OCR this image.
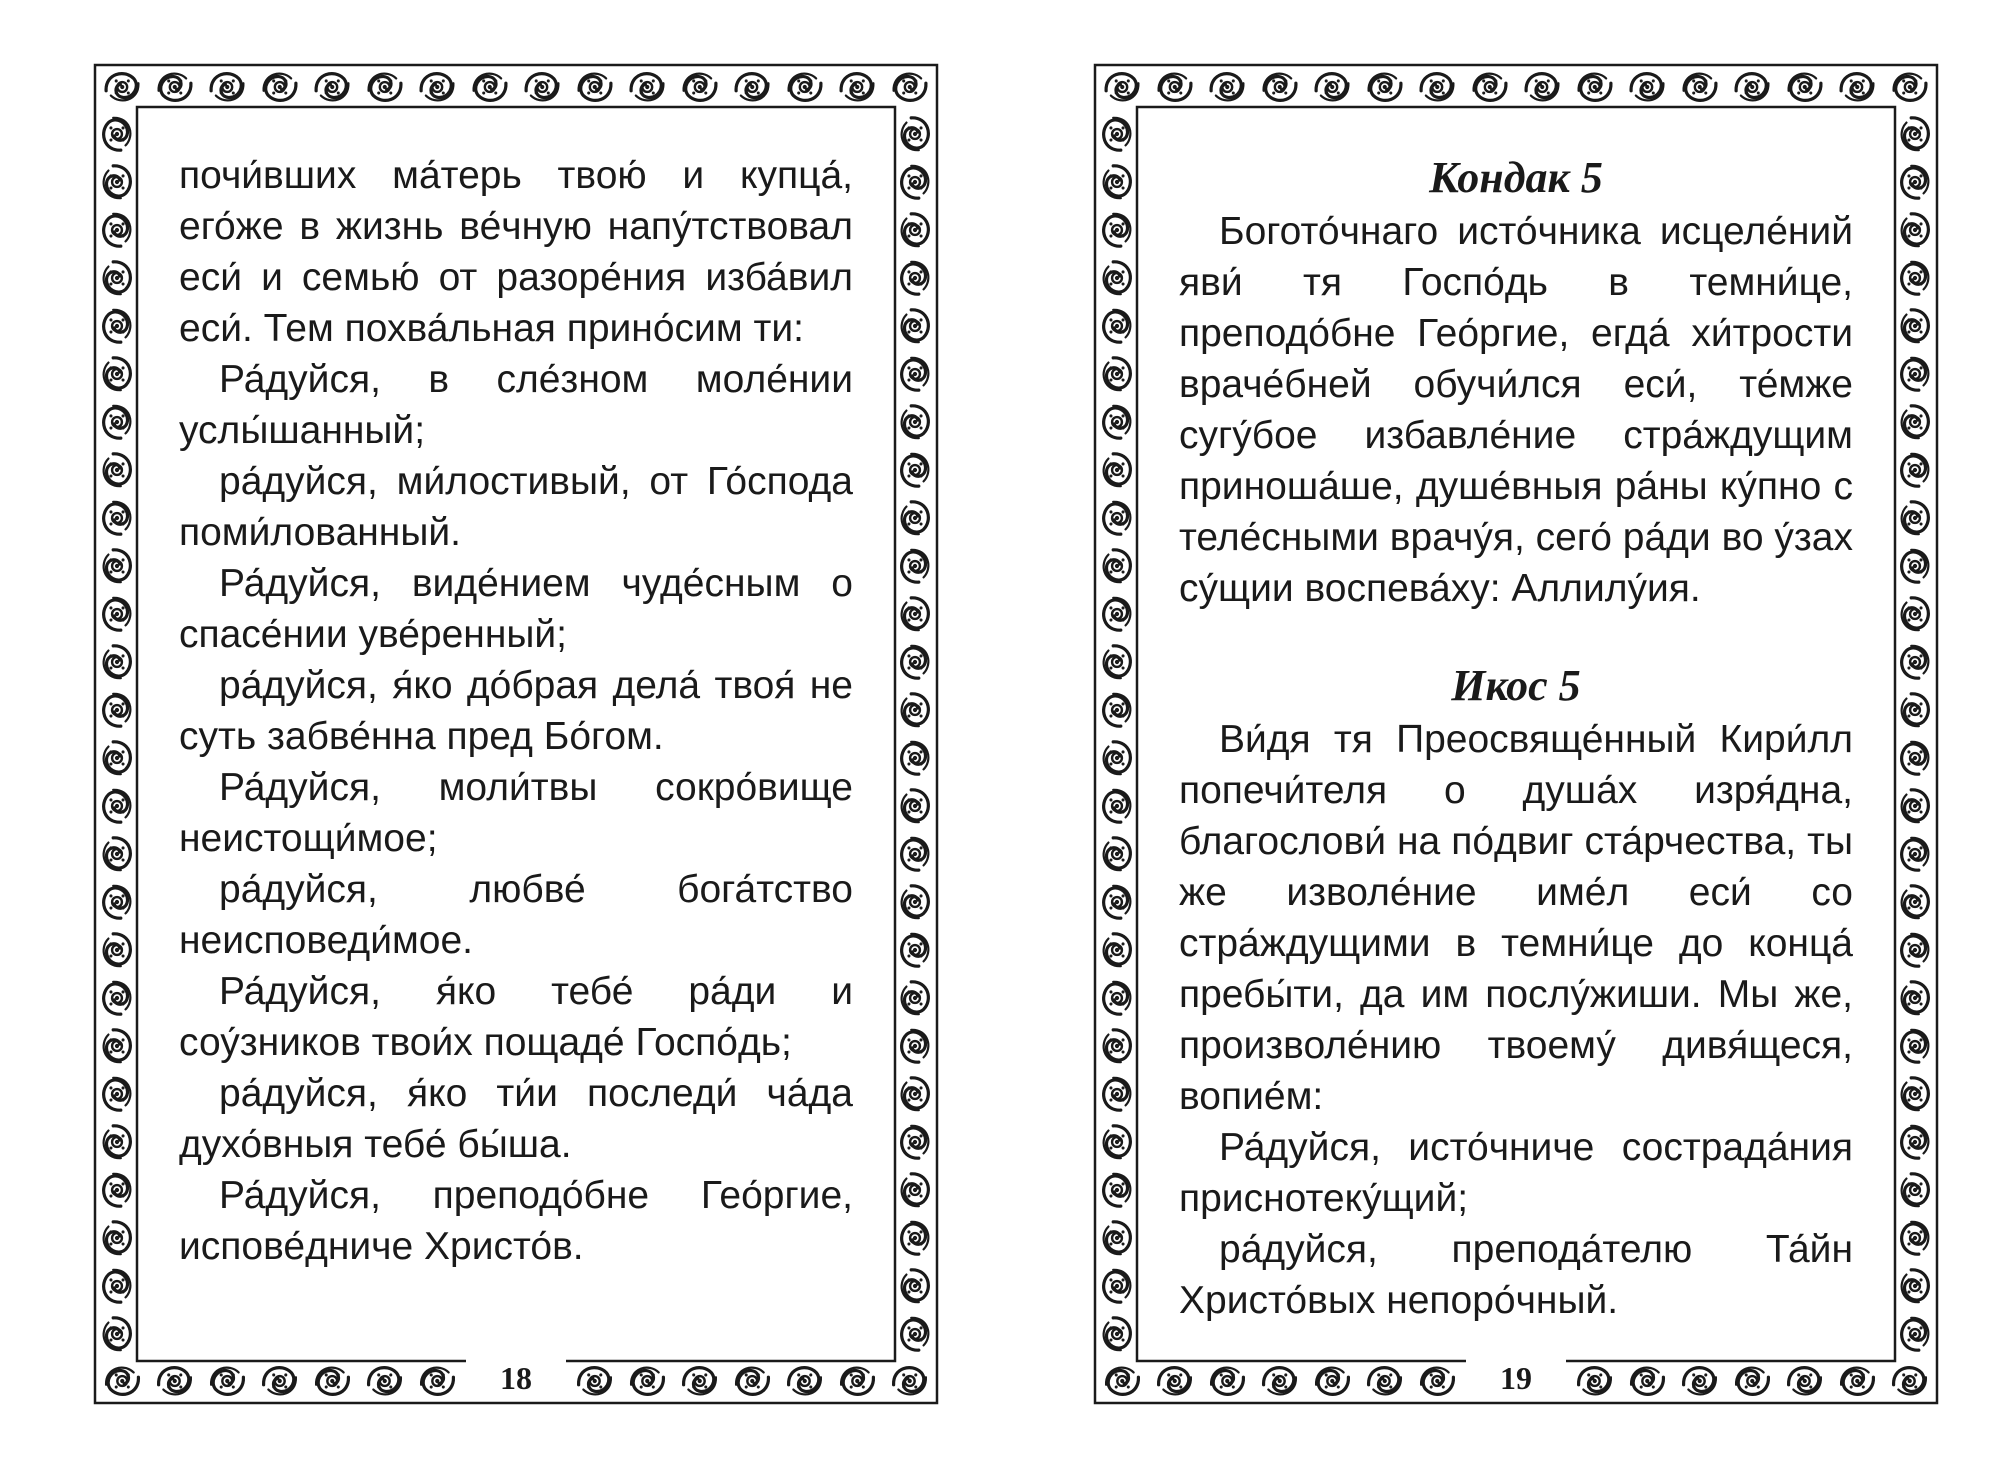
почи́вших ма́терь твою́ и купца́, его́же в жизнь ве́чную напу́тствовал еси́ и семью́ от разоре́ния изба́вил еси́. Тем похва́льная прино́сим ти:

Ра́дуйся, в сле́зном моле́нии услы́шанный;

ра́дуйся, ми́лостивый, от Го́спода поми́лованный.

Ра́дуйся, виде́нием чуде́сным о спасе́нии уве́ренный;

ра́дуйся, я́ко до́брая дела́ твоя́ не суть забве́нна пред Бо́гом.

Ра́дуйся, моли́твы сокро́вище неистощи́мое;

ра́дуйся, любве́ бога́тство неисповеди́мое.

Ра́дуйся, я́ко тебе́ ра́ди и соу́зников твои́х пощаде́ Госпо́дь;

ра́дуйся, я́ко ти́и последи́ ча́да духо́вныя тебе́ бы́ша.

Ра́дуйся, преподо́бне Гео́ргие, испове́дниче Христо́в.

18
Кондак 5

Богото́чнаго исто́чника исцеле́ний яви́ тя Госпо́дь в темни́це, преподо́бне Гео́ргие, егда́ хи́трости враче́бней обучи́лся еси́, те́мже сугу́бое избавле́ние стра́ждущим приноша́ше, душе́вныя ра́ны ку́пно с теле́сными врачу́я, сего́ ра́ди во у́зах су́щии воспева́ху: Аллилу́ия.

Икос 5

Ви́дя тя Преосвяще́нный Кири́лл попечи́теля о душа́х изря́дна, благослови́ на по́двиг ста́рчества, ты же изволе́ние име́л еси́ со стра́ждущими в темни́це до конца́ пребы́ти, да им послу́жиши. Мы же, произволе́нию твоему́ дивя́щеся, вопие́м:

Ра́дуйся, исто́чниче сострада́ния приснотеку́щий;

ра́дуйся, препода́телю Та́йн Христо́вых непоро́чный.

19
